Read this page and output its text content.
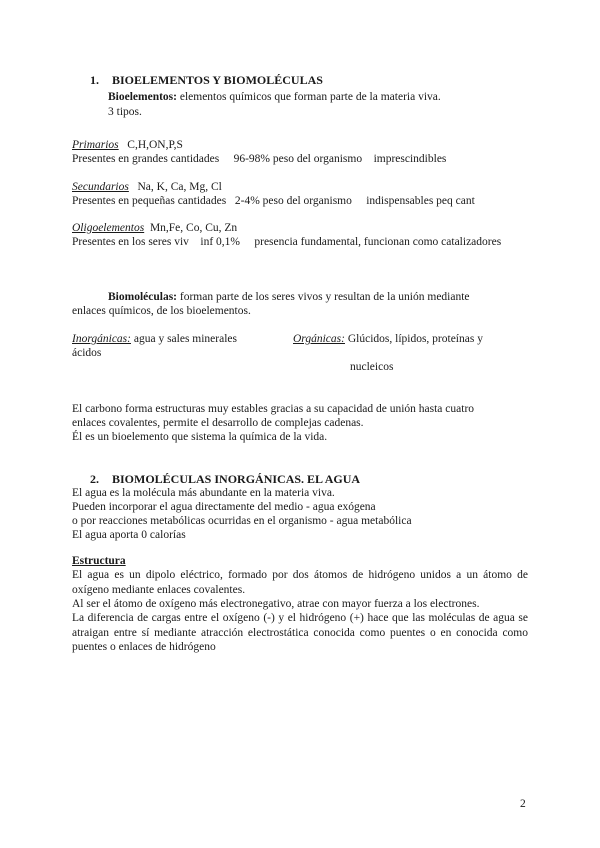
1. BIOELEMENTOS Y BIOMOLÉCULAS
Bioelementos: elementos químicos que forman parte de la materia viva.
3 tipos.
Primarios C,H,ON,P,S
Presentes en grandes cantidades     96-98% peso del organismo    imprescindibles
Secundarios Na, K, Ca, Mg, Cl
Presentes en pequeñas cantidades   2-4% peso del organismo     indispensables peq cant
Oligoelementos Mn,Fe, Co, Cu, Zn
Presentes en los seres viv    inf 0,1%     presencia fundamental, funcionan como catalizadores
Biomoléculas: forman parte de los seres vivos y resultan de la unión mediante
enlaces químicos, de los bioelementos.
Inorgánicas: agua y sales minerales	Orgánicas: Glúcidos, lípidos, proteínas y
ácidos
nucleicos
El carbono forma estructuras muy estables gracias a su capacidad de unión hasta cuatro
enlaces covalentes, permite el desarrollo de complejas cadenas.
Él es un bioelemento que sistema la química de la vida.
2. BIOMOLÉCULAS INORGÁNICAS. EL AGUA
El agua es la molécula más abundante en la materia viva.
Pueden incorporar el agua directamente del medio - agua exógena
o por reacciones metabólicas ocurridas en el organismo - agua metabólica
El agua aporta 0 calorías
Estructura
El agua es un dipolo eléctrico, formado por dos átomos de hidrógeno unidos a un átomo de oxígeno mediante enlaces covalentes.
Al ser el átomo de oxígeno más electronegativo, atrae con mayor fuerza a los electrones.
La diferencia de cargas entre el oxígeno (-) y el hidrógeno (+) hace que las moléculas de agua se atraigan entre sí mediante atracción electrostática conocida como puentes o en conocida como puentes o enlaces de hidrógeno
2
